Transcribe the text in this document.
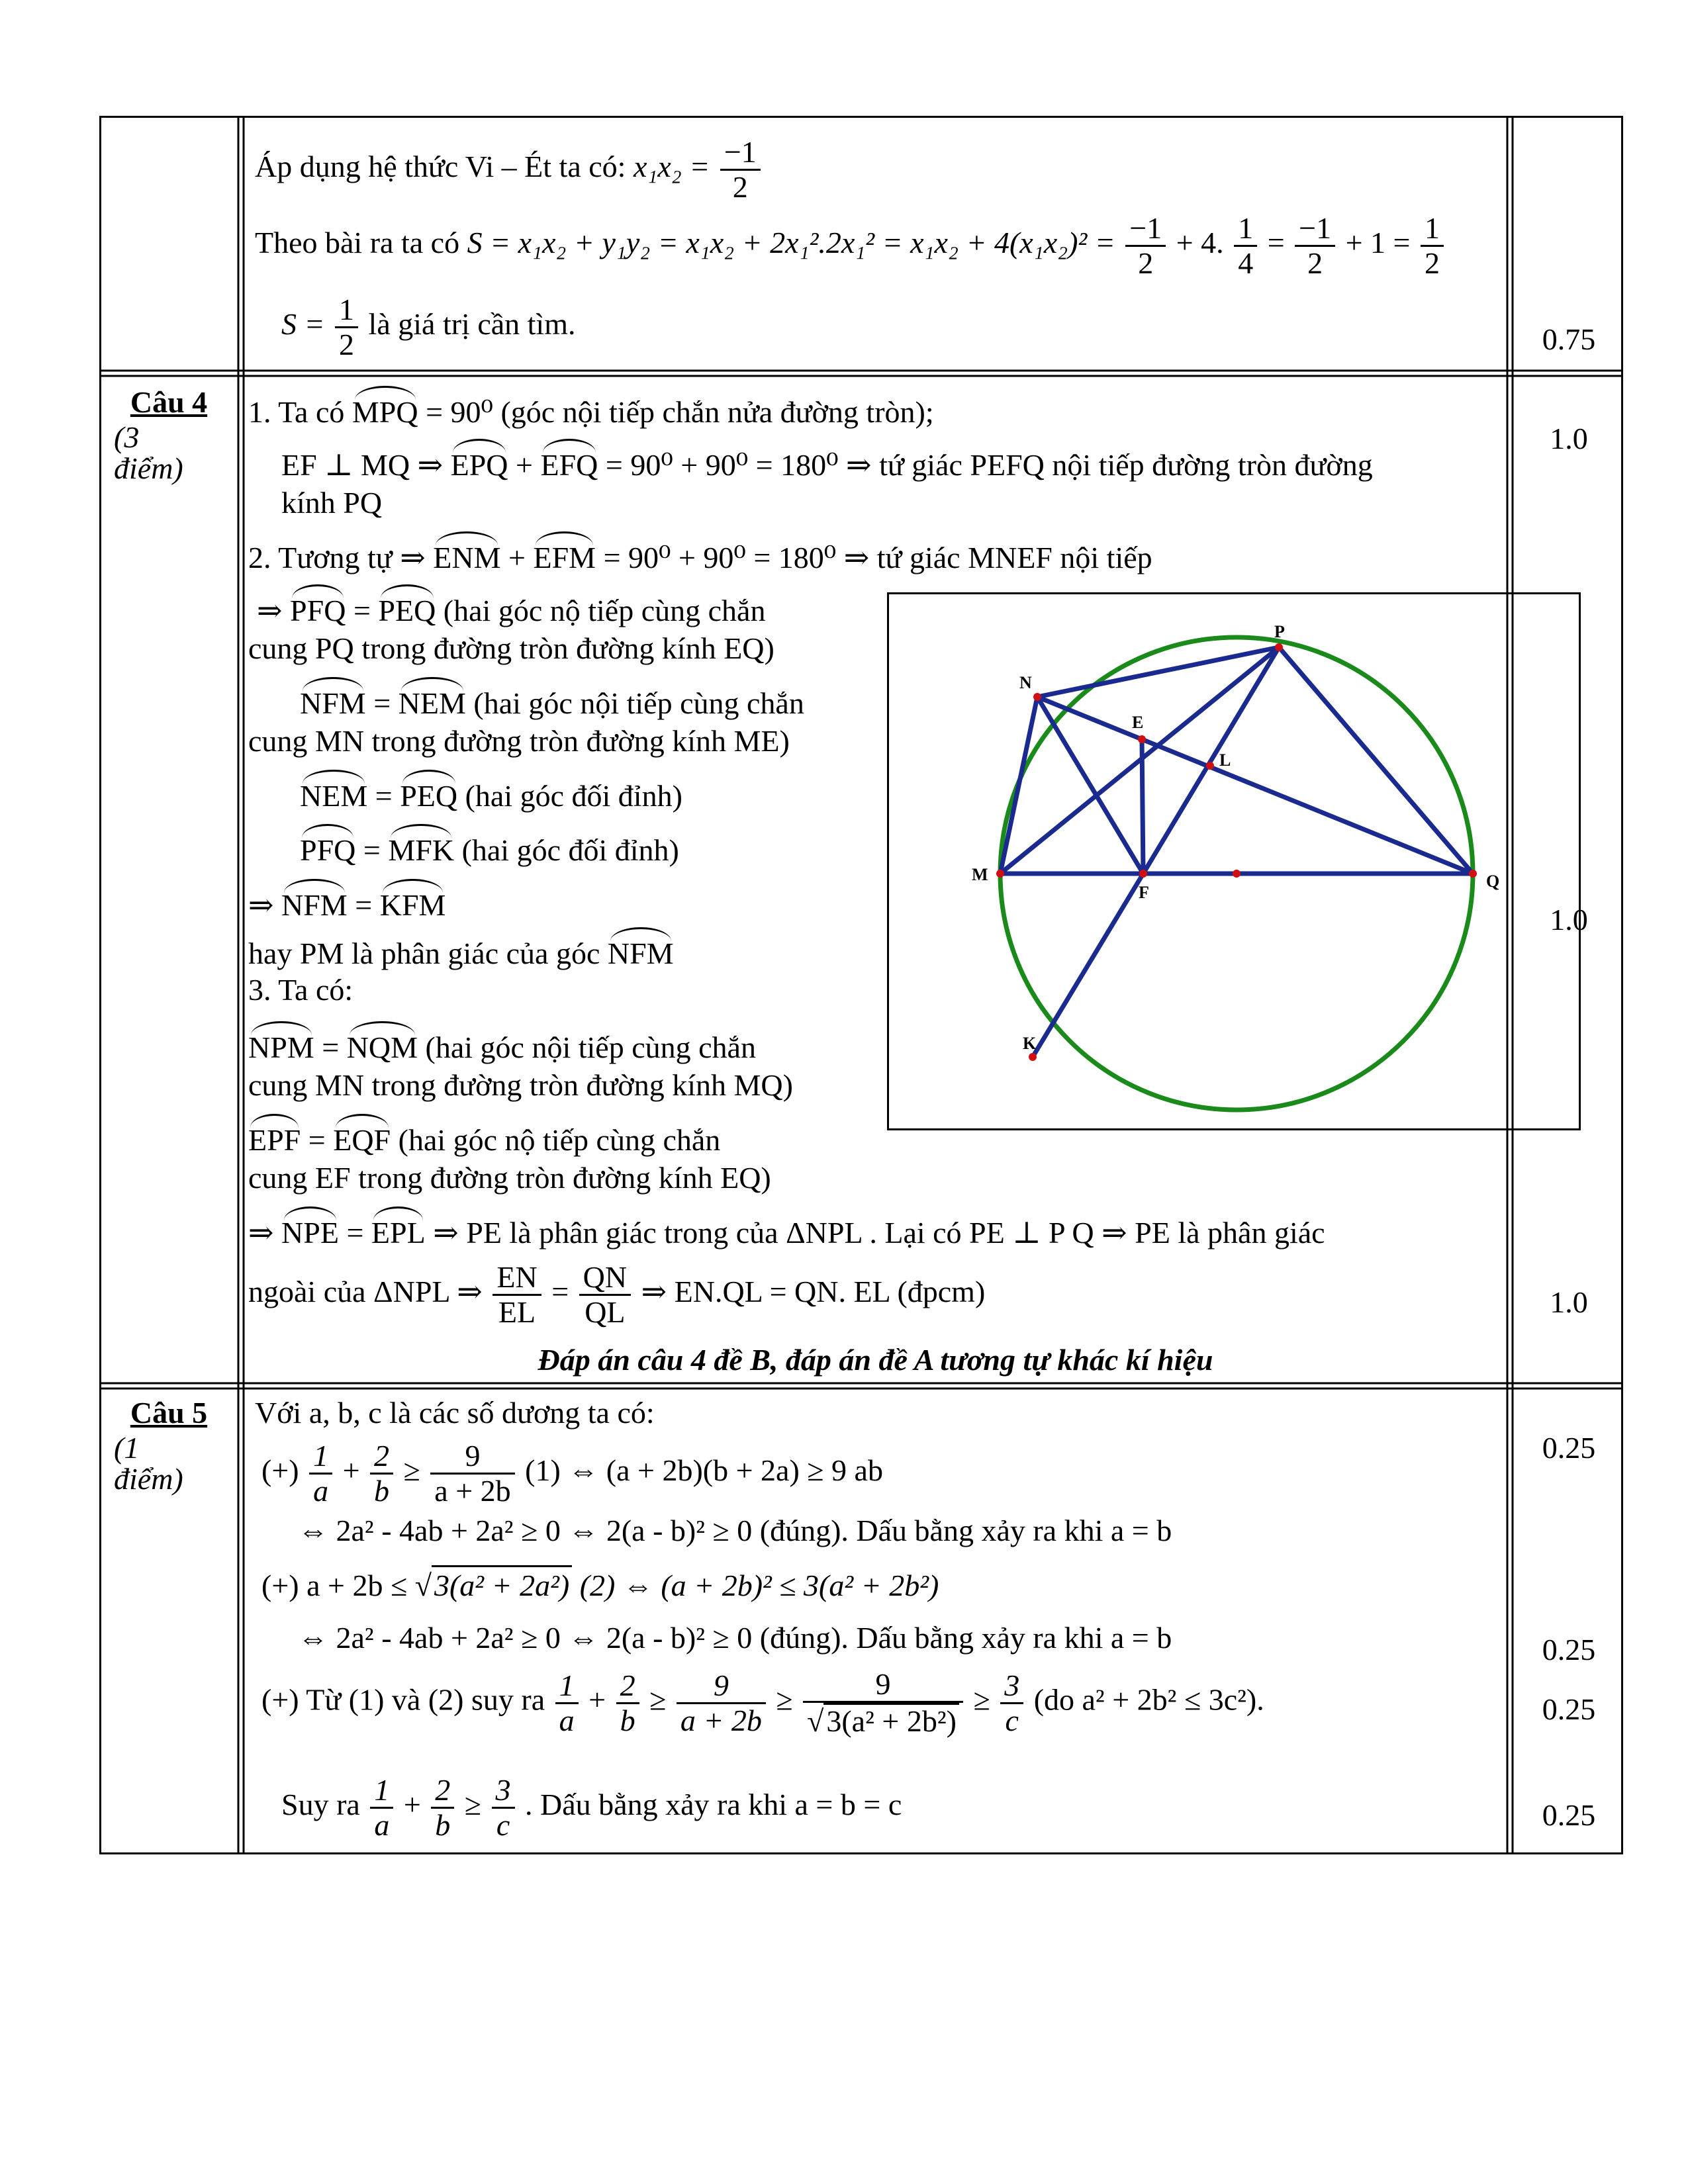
Áp dụng hệ thức Vi – Ét ta có: $x_1x_2 = \frac{-1}{2}$
Theo bài ra ta có $S = x_1x_2 + y_1y_2 = x_1x_2 + 2x_1^2.2x_1^2 = x_1x_2 + 4(x_1x_2)^2 = \frac{-1}{2} + 4$. $\frac{1}{4} = \frac{-1}{2} + 1 = \frac{1}{2}$
$S = \frac{1}{2}$ là giá trị cần tìm.	0.75
Câu 4
(3
điểm)
1. Ta có MPQ = 90⁰ (góc nội tiếp chắn nửa đường tròn);
EF ⊥ MQ ⇒ EPQ + EFQ = 90⁰ + 90⁰ = 180⁰ ⇒ tứ giác PEFQ nội tiếp đường tròn đường
kính PQ
2. Tương tự ⇒ ENM + EFM = 90⁰ + 90⁰ = 180⁰ ⇒ tứ giác MNEF nội tiếp
⇒ PFQ = PEQ (hai góc nộ tiếp cùng chắn
cung PQ trong đường tròn đường kính EQ)
NFM = NEM (hai góc nội tiếp cùng chắn
cung MN trong đường tròn đường kính ME)
NEM = PEQ (hai góc đối đỉnh)
PFQ = MFK (hai góc đối đỉnh)
⇒ NFM = KFM
hay PM là phân giác của góc NFM
1.0
1.0
3. Ta có:
NPM = NQM (hai góc nội tiếp cùng chắn
cung MN trong đường tròn đường kính MQ)
EPF = EQF (hai góc nộ tiếp cùng chắn
cung EF trong đường tròn đường kính EQ)
⇒ NPE = EPL ⇒ PE là phân giác trong của ΔNPL . Lại có PE ⊥ P Q ⇒ PE là phân giác
ngoài của ΔNPL ⇒ $\frac{EN}{EL} = \frac{QN}{QL}$ ⇒ EN.QL = QN. EL (đpcm)	1.0
Đáp án câu 4 đề B, đáp án đề A tương tự khác kí hiệu
M
N
P
Q
E
F
L
K
Câu 5
(1
điểm)
Với a, b, c là các số dương ta có:
(+) $\frac{1}{a} + \frac{2}{b} \ge \frac{9}{a + 2b} (1)$ ⇔ (a + 2b)(b + 2a) ≥ 9 ab
⇔ 2a² - 4ab + 2a² ≥ 0 ⇔ 2(a - b)² ≥ 0 (đúng). Dấu bằng xảy ra khi a = b
(+) a + 2b ≤ √3(a² + 2a²) (2) ⇔ (a + 2b)² ≤ 3(a² + 2b²)
⇔ 2a² - 4ab + 2a² ≥ 0 ⇔ 2(a - b)² ≥ 0 (đúng). Dấu bằng xảy ra khi a = b
(+) Từ (1) và (2) suy ra $\frac{1}{a} + \frac{2}{b} \ge \frac{9}{a + 2b} \ge \frac{9}{\text{√3(a² + 2b²)}} \ge \frac{3}{c} (do$ a² + 2b² ≤ 3c²).
Suy ra $\frac{1}{a} + \frac{2}{b} \ge \frac{3}{c}$ . Dấu bằng xảy ra khi a = b = c
0.25
0.25
0.25
0.25
